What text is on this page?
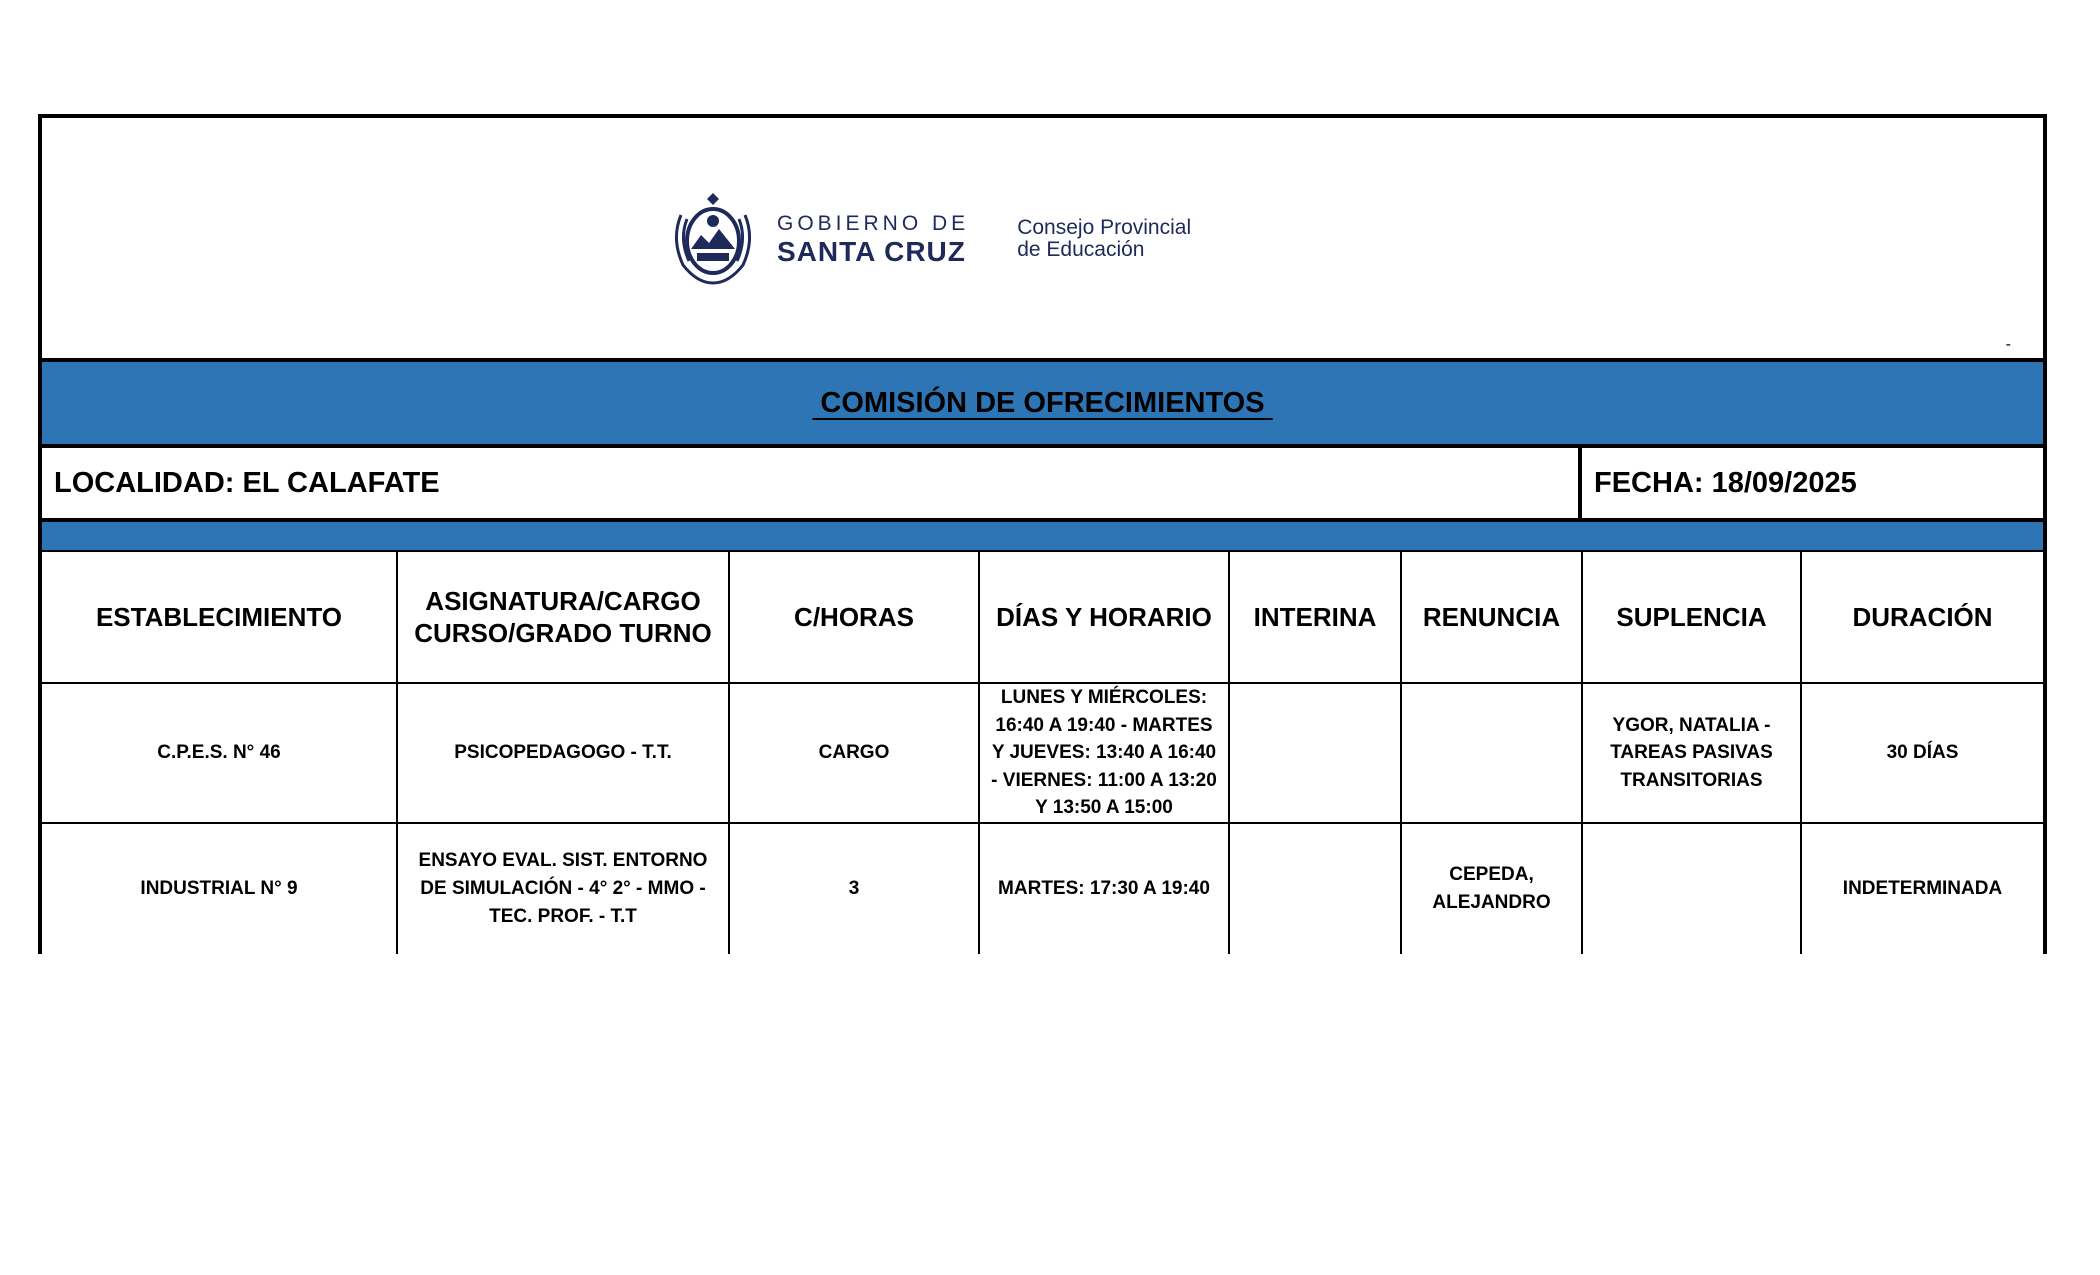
GOBIERNO DE
SANTA CRUZ
Consejo Provincial
de Educación
-
COMISIÓN DE OFRECIMIENTOS
LOCALIDAD: EL CALAFATE	FECHA: 18/09/2025
ESTABLECIMIENTO	ASIGNATURA/CARGO CURSO/GRADO TURNO	C/HORAS	DÍAS Y HORARIO	INTERINA	RENUNCIA	SUPLENCIA	DURACIÓN
C.P.E.S. N° 46	PSICOPEDAGOGO - T.T.	CARGO	LUNES Y MIÉRCOLES: 16:40 A 19:40 - MARTES Y JUEVES: 13:40 A 16:40 - VIERNES: 11:00 A 13:20 Y 13:50 A 15:00			YGOR, NATALIA - TAREAS PASIVAS TRANSITORIAS	30 DÍAS
INDUSTRIAL N° 9	ENSAYO EVAL. SIST. ENTORNO DE SIMULACIÓN - 4° 2° - MMO - TEC. PROF. - T.T	3	MARTES: 17:30 A 19:40		CEPEDA, ALEJANDRO		INDETERMINADA
